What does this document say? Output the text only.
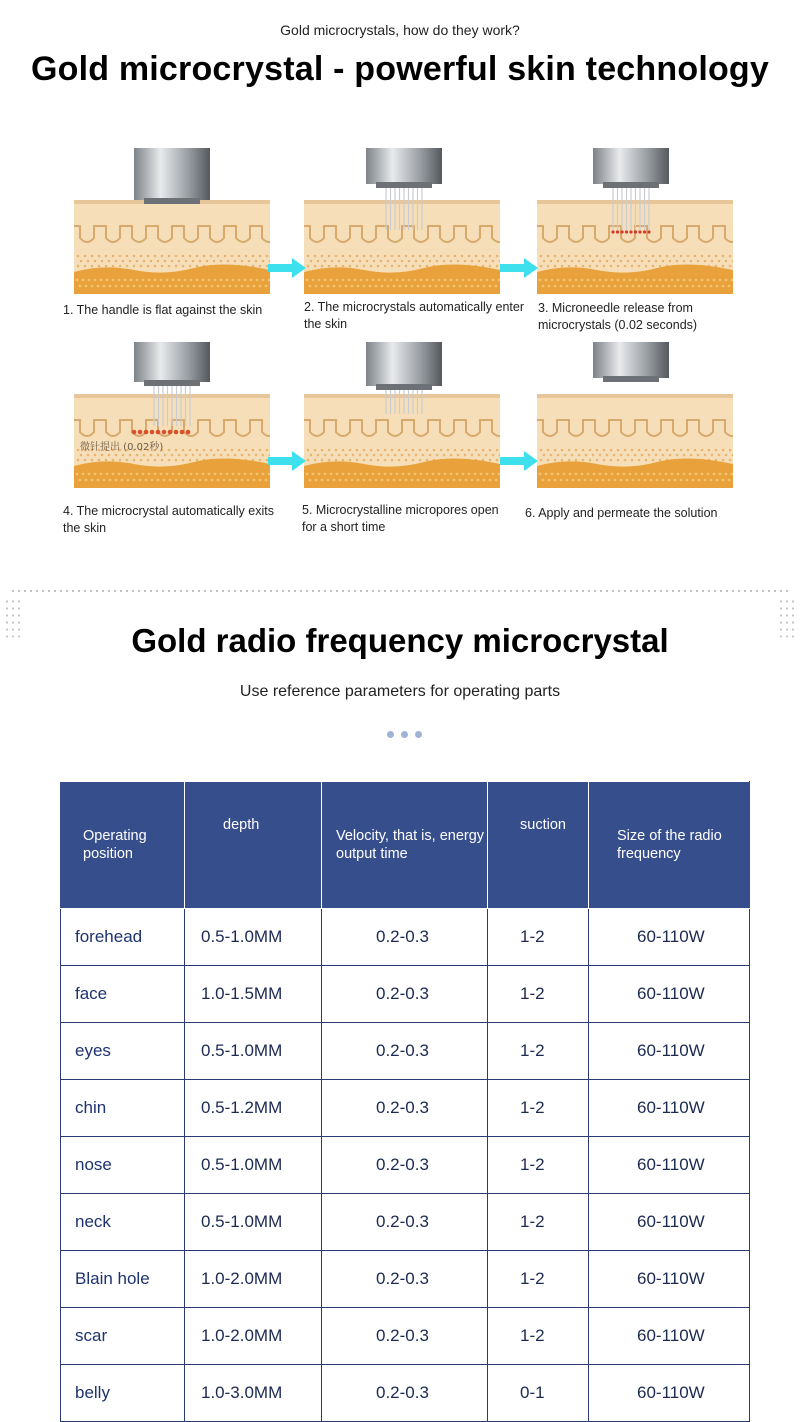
Gold microcrystals, how do they work?
Gold microcrystal - powerful skin technology
微针提出 (0.02秒)
1. The handle is flat against the skin	2. The microcrystals automatically enter the skin
3. Microneedle release from microcrystals (0.02 seconds)
4. The microcrystal automatically exits the skin
5. Microcrystalline micropores open for a short time
6. Apply and permeate the solution
Gold radio frequency microcrystal
Use reference parameters for operating parts
Operating position	depth	Velocity, that is, energy output time	suction	Size of the radio frequency
forehead	0.5-1.0MM	0.2-0.3	1-2	60-110W
face	1.0-1.5MM	0.2-0.3	1-2	60-110W
eyes	0.5-1.0MM	0.2-0.3	1-2	60-110W
chin	0.5-1.2MM	0.2-0.3	1-2	60-110W
nose	0.5-1.0MM	0.2-0.3	1-2	60-110W
neck	0.5-1.0MM	0.2-0.3	1-2	60-110W
Blain hole	1.0-2.0MM	0.2-0.3	1-2	60-110W
scar	1.0-2.0MM	0.2-0.3	1-2	60-110W
belly	1.0-3.0MM	0.2-0.3	0-1	60-110W
